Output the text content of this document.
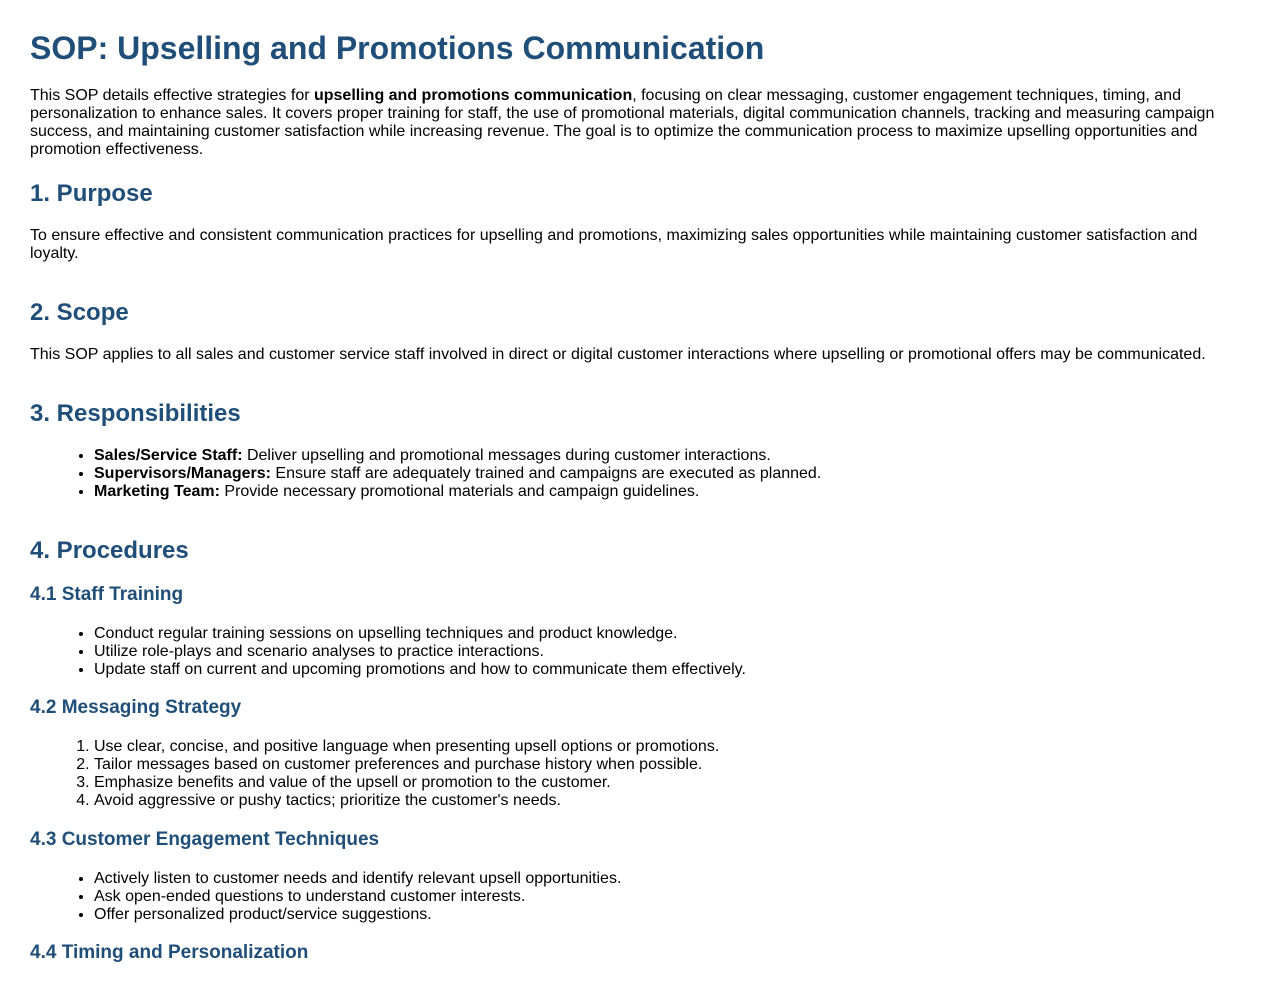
SOP: Upselling and Promotions Communication

This SOP details effective strategies for upselling and promotions communication, focusing on clear messaging, customer engagement techniques, timing, and personalization to enhance sales. It covers proper training for staff, the use of promotional materials, digital communication channels, tracking and measuring campaign success, and maintaining customer satisfaction while increasing revenue. The goal is to optimize the communication process to maximize upselling opportunities and promotion effectiveness.

1. Purpose

To ensure effective and consistent communication practices for upselling and promotions, maximizing sales opportunities while maintaining customer satisfaction and loyalty.

2. Scope

This SOP applies to all sales and customer service staff involved in direct or digital customer interactions where upselling or promotional offers may be communicated.

3. Responsibilities
• Sales/Service Staff: Deliver upselling and promotional messages during customer interactions.
• Supervisors/Managers: Ensure staff are adequately trained and campaigns are executed as planned.
• Marketing Team: Provide necessary promotional materials and campaign guidelines.
4. Procedures
4.1 Staff Training
• Conduct regular training sessions on upselling techniques and product knowledge.
• Utilize role-plays and scenario analyses to practice interactions.
• Update staff on current and upcoming promotions and how to communicate them effectively.
4.2 Messaging Strategy
1. Use clear, concise, and positive language when presenting upsell options or promotions.
2. Tailor messages based on customer preferences and purchase history when possible.
3. Emphasize benefits and value of the upsell or promotion to the customer.
4. Avoid aggressive or pushy tactics; prioritize the customer's needs.
4.3 Customer Engagement Techniques
• Actively listen to customer needs and identify relevant upsell opportunities.
• Ask open-ended questions to understand customer interests.
• Offer personalized product/service suggestions.
4.4 Timing and Personalization
